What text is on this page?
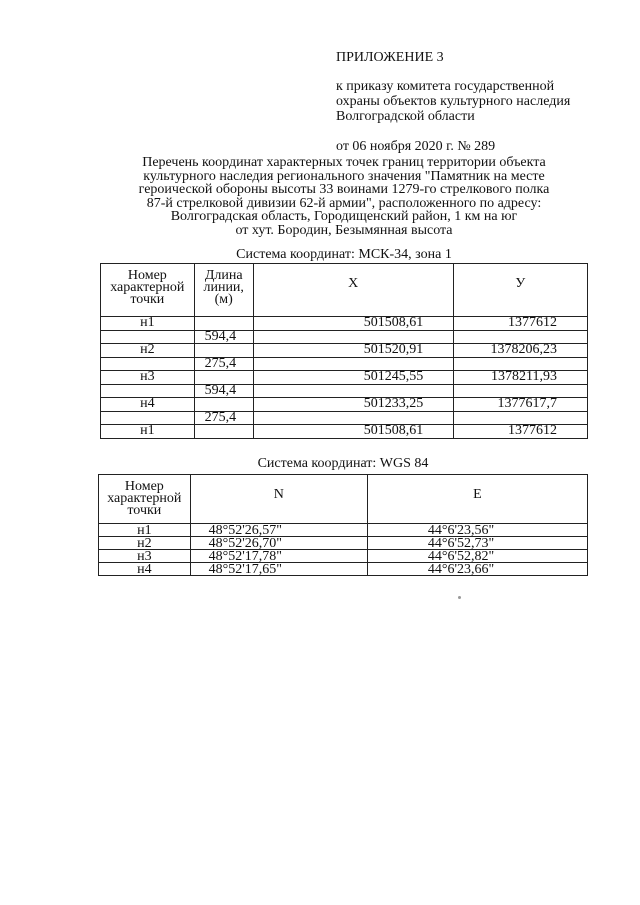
ПРИЛОЖЕНИЕ 3
к приказу комитета государственной
охраны объектов культурного наследия
Волгоградской области
от 06 ноября 2020 г. № 289
Перечень координат характерных точек границ территории объекта
культурного наследия регионального значения "Памятник на месте
героической обороны высоты 33 воинами 1279-го стрелкового полка
87-й стрелковой дивизии 62-й армии", расположенного по адресу:
Волгоградская область, Городищенский район, 1 км на юг
от хут. Бородин, Безымянная высота
Система координат: МСК-34, зона 1
Номер характерной точки	Длина линии, (м)	X	У

н1		501508,61	1377612
	594,4		
н2		501520,91	1378206,23
	275,4		
н3		501245,55	1378211,93
	594,4		
н4		501233,25	1377617,7
	275,4		
н1		501508,61	1377612
Система координат: WGS 84
Номер характерной точки	N	E

н1	48°52'26,57"	44°6'23,56"
н2	48°52'26,70"	44°6'52,73"
н3	48°52'17,78"	44°6'52,82"
н4	48°52'17,65"	44°6'23,66"
